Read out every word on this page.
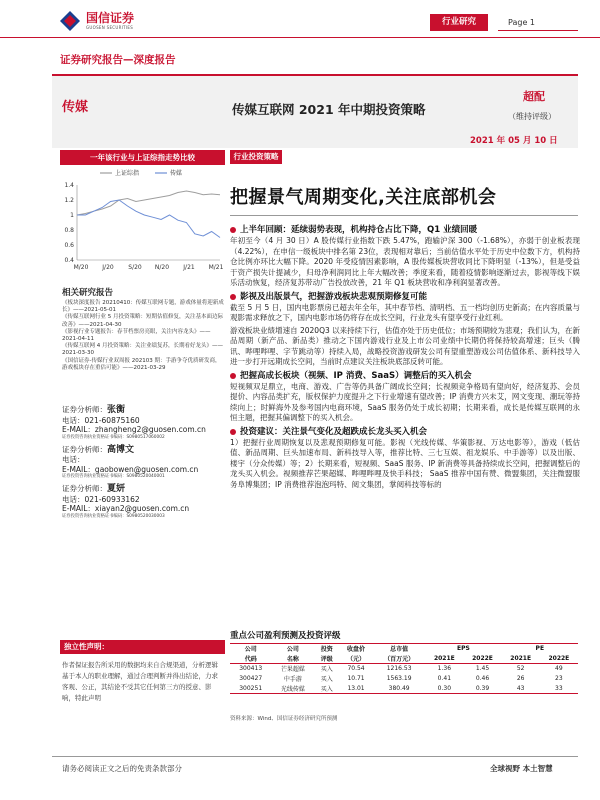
国信证券
GUOSEN SECURITIES
行业研究	Page 1
证券研究报告—深度报告
传媒	传媒互联网 2021 年中期投资策略
超配
（维持评级）
2021 年 05 月 10 日
一年该行业与上证综指走势比较
0.4
0.6
0.8
1
1.2
1.4
M/20 J/20 S/20 N/20 J/21 M/21
上证综指	传媒
相关研究报告
《板块深度报告 20210410：传媒互联网专题，游戏体量将迎新成长》——2021-05-01
《传媒互联网行业 5 月投资策略：短期估值修复，关注基本面边际改善》——2021-04-30
《影视行业专题报告：春节档票房亮眼，关注内容龙头》——2021-04-11
《传媒互联网 4 月投资策略：关注业绩复苏，长期看好龙头》——2021-03-30
《国信证券-传媒行业双周报 202103 期：手游争夺优质研发商，游戏板块存在重估可能》——2021-03-29
证券分析师：张衡
电话：021-60875160
E-MAIL：zhangheng2@guosen.com.cn
证券投资咨询执业资格证书编码：S0980517060002
证券分析师：高博文
电话：
E-MAIL：gaobowen@guosen.com.cn
证券投资咨询执业资格证书编码：S0980520040001
证券分析师：夏妍
电话：021-60933162
E-MAIL：xiayan2@guosen.com.cn
证券投资咨询执业资格证书编码：S0980520030003
独立性声明：
作者保证报告所采用的数据均来自合规渠道，分析逻辑基于本人的职业理解，通过合理判断并得出结论，力求客观、公正，其结论不受其它任何第三方的授意、影响，特此声明
行业投资策略
把握景气周期变化,关注底部机会
上半年回顾：延续弱势表现，机构持仓占比下降，Q1 业绩回暖
年初至今（4 月 30 日）A 股传媒行业指数下跌 5.47%，跑输沪深 300（-1.68%），亦弱于创业板表现（4.22%），在申信一级板块中排名第 23位，表现相对靠后；当前估值水平处于历史中位数下方，机构持仓比例亦环比大幅下降。2020 年受疫情因素影响，A 股传媒板块营收同比下降明显（-13%），但是受益于资产损失计提减少，归母净利润同比上年大幅改善；季度来看，随着疫情影响逐渐过去，影视等线下娱乐活动恢复，经济复苏带动广告投放改善，21 年 Q1 板块营收和净利润显著改善。
影视及出版景气，把握游戏板块悲观预期修复可能
截至 5 月 5 日，国内电影票房已超去年全年，其中春节档、清明档、五一档均创历史新高；在内容质量与观影需求释放之下，国内电影市场仍将存在成长空间，行业龙头有望享受行业红利。
游戏板块业绩增速自 2020Q3 以来持续下行，估值亦处于历史低位；市场预期较为悲观；我们认为，在新品周期（新产品、新品类）推动之下国内游戏行业及上市公司业绩中长期仍将保持较高增速；巨头（腾讯、哔哩哔哩、字节跳动等）持续入局，战略投资游戏研发公司有望重塑游戏公司估值体系、新科技导入进一步打开远期成长空间，当前时点建议关注板块底部反转可能。
把握高成长板块（视频、IP 消费、SaaS）调整后的买入机会
短视频双足鼎立，电商、游戏、广告等仍具备广阔成长空间；长视频竞争格局有望向好，经济复苏、会员提价、内容品类扩充，版权保护力度提升之下行业增速有望改善；IP 消费方兴未艾，网文变现、潮玩等持续向上；时鲜海外及参考国内电商环境，SaaS 服务仍处于成长初期；长期来看，成长是传媒互联网的永恒主题，把握其偏调整下的买入机会。
投资建议：关注景气变化及超跌成长龙头买入机会
1）把握行业周期恢复以及悲观预期修复可能。影视（光线传媒、华策影视、万达电影等），游戏（低估值、新品周期、巨头加速布局、新科技导入等，推荐比特、三七互娱、祖龙娱乐、中手游等）以及出版、楼宇（分众传媒）等；2）长期来看，短视频、SaaS 服务、IP 新消费等具备持续成长空间，把握调整后的龙头买入机会。视频推荐芒果超媒、哔哩哔哩及快手科技； SaaS 推荐中国有赞、微盟集团，关注微盟服务阜博集团；IP 消费推荐泡泡玛特、阅文集团，掌阅科技等标的
重点公司盈利预测及投资评级
公司	公司	投资	收盘价	总市值	EPS		PE	
代码	名称	评级	（元）	（百万元）	2021E	2022E	2021E	2022E
300413	芒果超媒	买入	70.54	1216.53	1.36	1.45	52	49
300427	中手游	买入	10.71	1563.19	0.41	0.46	26	23
300251	光线传媒	买入	13.01	380.49	0.30	0.39	43	33
资料来源：Wind、国信证券经济研究所预测
请务必阅读正文之后的免责条款部分	全球视野 本土智慧
